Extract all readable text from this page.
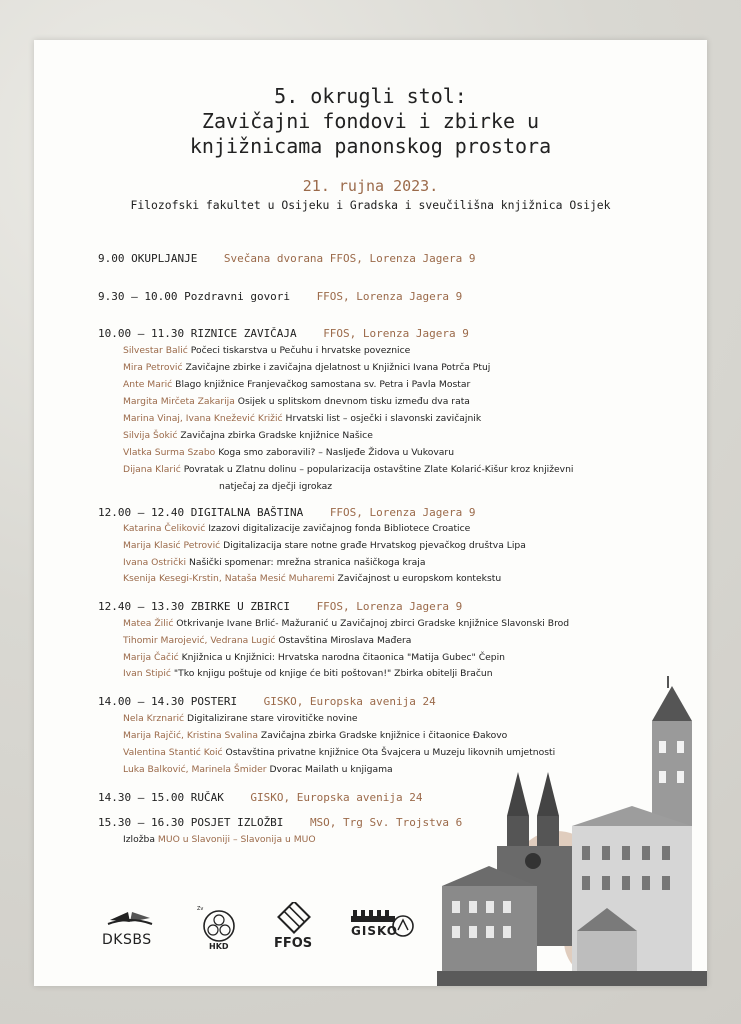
5. okrugli stol:
Zavičajni fondovi i zbirke u
knjižnicama panonskog prostora
21. rujna 2023.
Filozofski fakultet u Osijeku i Gradska i sveučilišna knjižnica Osijek
9.00 OKUPLJANJE Svečana dvorana FFOS, Lorenza Jagera 9
9.30 – 10.00 Pozdravni govori FFOS, Lorenza Jagera 9
10.00 – 11.30 RIZNICE ZAVIČAJA FFOS, Lorenza Jagera 9
Silvestar Balić Počeci tiskarstva u Pečuhu i hrvatske poveznice
Mira Petrović Zavičajne zbirke i zavičajna djelatnost u Knjižnici Ivana Potrča Ptuj
Ante Marić Blago knjižnice Franjevačkog samostana sv. Petra i Pavla Mostar
Margita Mirčeta Zakarija Osijek u splitskom dnevnom tisku između dva rata
Marina Vinaj, Ivana Knežević Križić Hrvatski list – osječki i slavonski zavičajnik
Silvija Šokić Zavičajna zbirka Gradske knjižnice Našice
Vlatka Surma Szabo Koga smo zaboravili? – Nasljeđe Židova u Vukovaru
Dijana Klarić Povratak u Zlatnu dolinu – popularizacija ostavštine Zlate Kolarić-Kišur kroz književni
natječaj za dječji igrokaz
12.00 – 12.40 DIGITALNA BAŠTINA FFOS, Lorenza Jagera 9
Katarina Čeliković Izazovi digitalizacije zavičajnog fonda Bibliotece Croatice
Marija Klasić Petrović Digitalizacija stare notne građe Hrvatskog pjevačkog društva Lipa
Ivana Ostrički Našički spomenar: mrežna stranica našičkoga kraja
Ksenija Kesegi-Krstin, Nataša Mesić Muharemi Zavičajnost u europskom kontekstu
12.40 – 13.30 ZBIRKE U ZBIRCI FFOS, Lorenza Jagera 9
Matea Žilić Otkrivanje Ivane Brlić- Mažuranić u Zavičajnoj zbirci Gradske knjižnice Slavonski Brod
Tihomir Marojević, Vedrana Lugić Ostavština Miroslava Mađera
Marija Čačić Knjižnica u Knjižnici: Hrvatska narodna čitaonica "Matija Gubec" Čepin
Ivan Stipić "Tko knjigu poštuje od knjige će biti poštovan!" Zbirka obitelji Bračun
14.00 – 14.30 POSTERI GISKO, Europska avenija 24
Nela Krznarić Digitalizirane stare virovitičke novine
Marija Rajčić, Kristina Svalina Zavičajna zbirka Gradske knjižnice i čitaonice Đakovo
Valentina Stantić Koić Ostavština privatne knjižnice Ota Švajcera u Muzeju likovnih umjetnosti
Luka Balković, Marinela Šmider Dvorac Mailath u knjigama
14.30 – 15.00 RUČAK GISKO, Europska avenija 24
15.30 – 16.30 POSJET IZLOŽBI MSO, Trg Sv. Trojstva 6
Izložba MUO u Slavoniji – Slavonija u MUO
DKSBS
Zv
HKD	FFOS
GISKO
